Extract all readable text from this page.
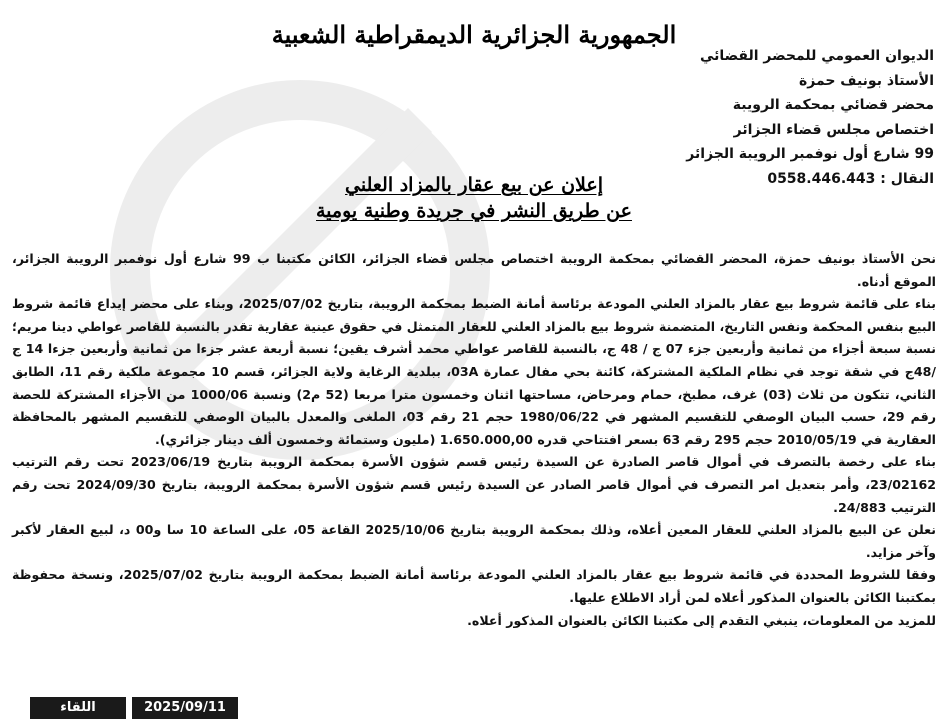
الجمهورية الجزائرية الديمقراطية الشعبية
الديوان العمومي للمحضر القضائي
الأستاذ بونيف حمزة
محضر قضائي بمحكمة الرويبة
اختصاص مجلس قضاء الجزائر
99 شارع أول نوفمبر الرويبة الجزائر
النقال : 0558.446.443
إعلان عن بيع عقار بالمزاد العلني
عن طريق النشر في جريدة وطنية يومية

نحن الأستاذ بونيف حمزة، المحضر القضائي بمحكمة الرويبة اختصاص مجلس قضاء الجزائر، الكائن مكتبنا ب 99 شارع أول نوفمبر الرويبة الجزائر، الموقع أدناه.

بناء على قائمة شروط بيع عقار بالمزاد العلني المودعة برئاسة أمانة الضبط بمحكمة الرويبة، بتاريخ 2025/07/02، وبناء على محضر إيداع قائمة شروط البيع بنفس المحكمة ونفس التاريخ، المتضمنة شروط بيع بالمزاد العلني للعقار المتمثل في حقوق عينية عقارية تقدر بالنسبة للقاصر عواطي دينا مريم؛ نسبة سبعة أجزاء من ثمانية وأربعين جزء 07 ج / 48 ج، بالنسبة للقاصر عواطي محمد أشرف يقين؛ نسبة أربعة عشر جزءا من ثمانية وأربعين جزءا 14 ج /48ج في شقة توجد في نظام الملكية المشتركة، كائنة بحي مفال عمارة 03A، ببلدية الرغاية ولاية الجزائر، قسم 10 مجموعة ملكية رقم 11، الطابق الثاني، تتكون من ثلاث (03) غرف، مطبخ، حمام ومرحاض، مساحتها اثنان وخمسون مترا مربعا (52 م2) ونسبة 1000/06 من الأجزاء المشتركة للحصة رقم 29، حسب البيان الوصفي للتقسيم المشهر في 1980/06/22 حجم 21 رقم 03، الملغى والمعدل بالبيان الوصفي للتقسيم المشهر بالمحافظة العقارية في 2010/05/19 حجم 295 رقم 63 بسعر افتتاحي قدره 1.650.000,00 (مليون وستمائة وخمسون ألف دينار جزائري).

بناء على رخصة بالتصرف في أموال قاصر الصادرة عن السيدة رئيس قسم شؤون الأسرة بمحكمة الرويبة بتاريخ 2023/06/19 تحت رقم الترتيب 23/02162، وأمر بتعديل امر التصرف في أموال قاصر الصادر عن السيدة رئيس قسم شؤون الأسرة بمحكمة الرويبة، بتاريخ 2024/09/30 تحت رقم الترتيب 24/883.

نعلن عن البيع بالمزاد العلني للعقار المعين أعلاه، وذلك بمحكمة الرويبة بتاريخ 2025/10/06 القاعة 05، على الساعة 10 سا و00 د، لبيع العقار لأكبر وآخر مزايد.

وفقا للشروط المحددة في قائمة شروط بيع عقار بالمزاد العلني المودعة برئاسة أمانة الضبط بمحكمة الرويبة بتاريخ 2025/07/02، ونسخة محفوظة بمكتبنا الكائن بالعنوان المذكور أعلاه لمن أراد الاطلاع عليها.

للمزيد من المعلومات، ينبغي التقدم إلى مكتبنا الكائن بالعنوان المذكور أعلاه.

اللقاء	2025/09/11
